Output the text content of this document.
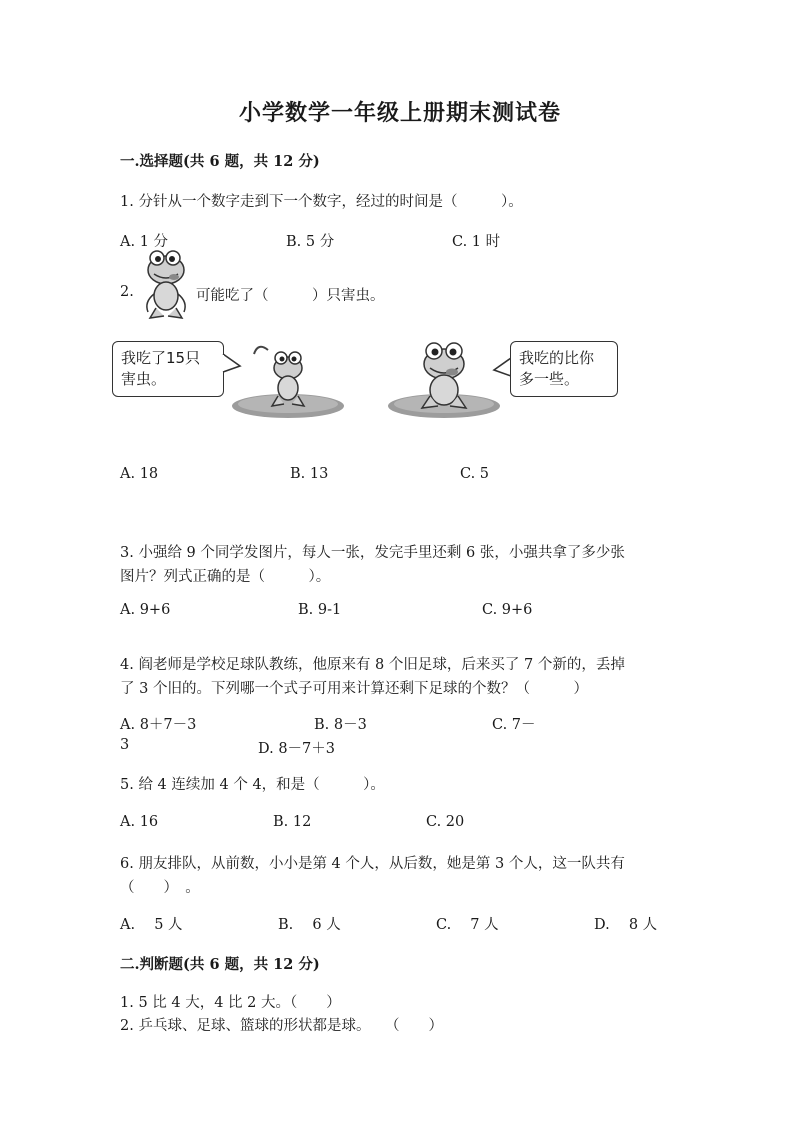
小学数学一年级上册期末测试卷
一.选择题(共 6 题，共 12 分)
1. 分针从一个数字走到下一个数字，经过的时间是（　　　）。
A. 1 分	B. 5 分	C. 1 时
2.	可能吃了（　　　）只害虫。
我吃了15只
害虫。
我吃的比你
多一些。
A. 18	B. 13	C. 5
3. 小强给 9 个同学发图片，每人一张，发完手里还剩 6 张，小强共拿了多少张
图片？列式正确的是（　　　）。
A. 9+6	B. 9-1	C. 9+6
4. 阎老师是学校足球队教练，他原来有 8 个旧足球，后来买了 7 个新的，丢掉
了 3 个旧的。下列哪一个式子可用来计算还剩下足球的个数？（　　　）
A. 8＋7－3	B. 8－3	C. 7－
3	D. 8－7＋3
5. 给 4 连续加 4 个 4，和是（　　　）。
A. 16	B. 12	C. 20
6. 朋友排队，从前数，小小是第 4 个人，从后数，她是第 3 个人，这一队共有
（　　）　。
A.　 5 人	B.　 6 人	C.　 7 人	D.　 8 人
二.判断题(共 6 题，共 12 分)
1. 5 比 4 大，4 比 2 大。（　　）
2. 乒乓球、足球、篮球的形状都是球。　　（　　）
